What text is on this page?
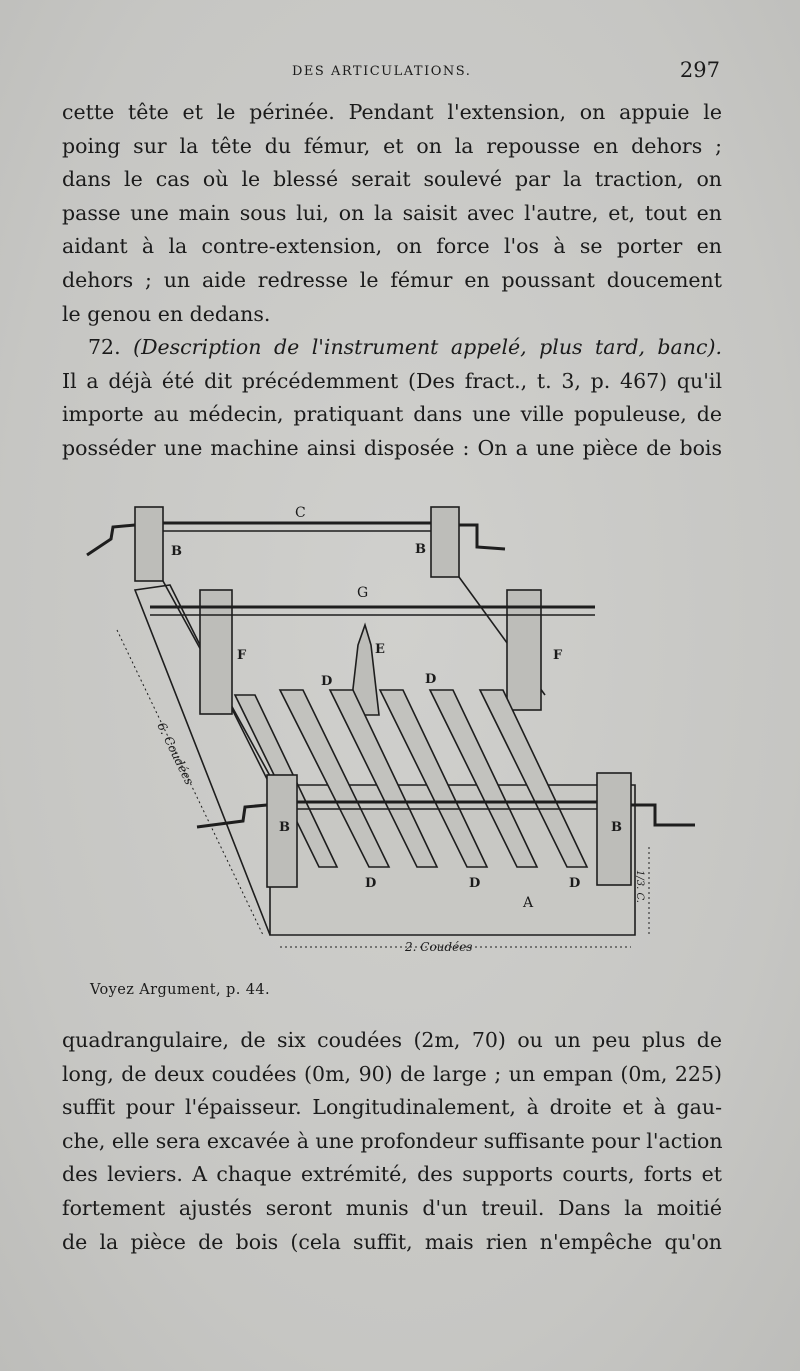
DES ARTICULATIONS.	297
cette tête et le périnée. Pendant l'extension, on appuie le
poing sur la tête du fémur, et on la repousse en dehors ;
dans le cas où le blessé serait soulevé par la traction, on
passe une main sous lui, on la saisit avec l'autre, et, tout en
aidant à la contre-extension, on force l'os à se porter en
dehors ; un aide redresse le fémur en poussant doucement
le genou en dedans.
72. (Description de l'instrument appelé, plus tard, banc).
Il a déjà été dit précédemment (Des fract., t. 3, p. 467) qu'il
importe au médecin, pratiquant dans une ville populeuse, de
posséder une machine ainsi disposée : On a une pièce de bois
C
B	B
G
E
F	F
D	D
B	B
D	D	D
A
6. Coudées
2. Coudées
1/3. C.
Voyez Argument, p. 44.
quadrangulaire, de six coudées (2m, 70) ou un peu plus de
long, de deux coudées (0m, 90) de large ; un empan (0m, 225)
suffit pour l'épaisseur. Longitudinalement, à droite et à gau-
che, elle sera excavée à une profondeur suffisante pour l'action
des leviers. A chaque extrémité, des supports courts, forts et
fortement ajustés seront munis d'un treuil. Dans la moitié
de la pièce de bois (cela suffit, mais rien n'empêche qu'on
